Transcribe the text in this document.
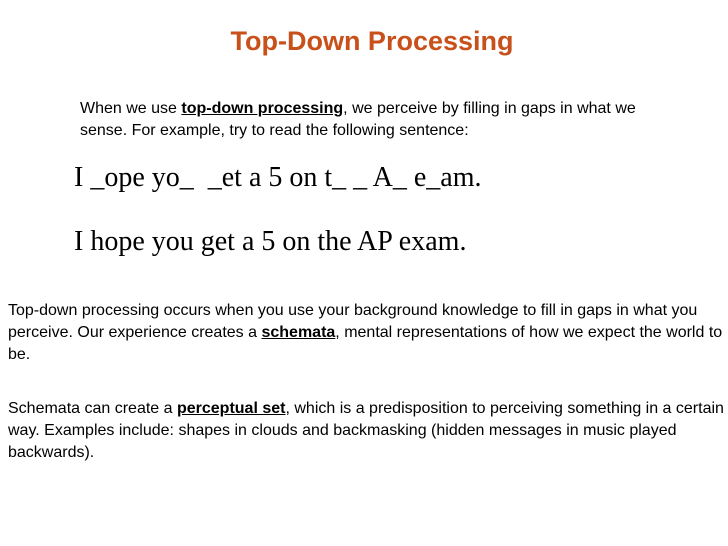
Top-Down Processing

When we use top-down processing, we perceive by filling in gaps in what we sense. For example, try to read the following sentence:

I _ope yo_  _et a 5 on t_ _ A_ e_am.

I hope you get a 5 on the AP exam.

Top-down processing occurs when you use your background knowledge to fill in gaps in what you perceive. Our experience creates a schemata, mental representations of how we expect the world to be.

Schemata can create a perceptual set, which is a predisposition to perceiving something in a certain way. Examples include: shapes in clouds and backmasking (hidden messages in music played backwards).
